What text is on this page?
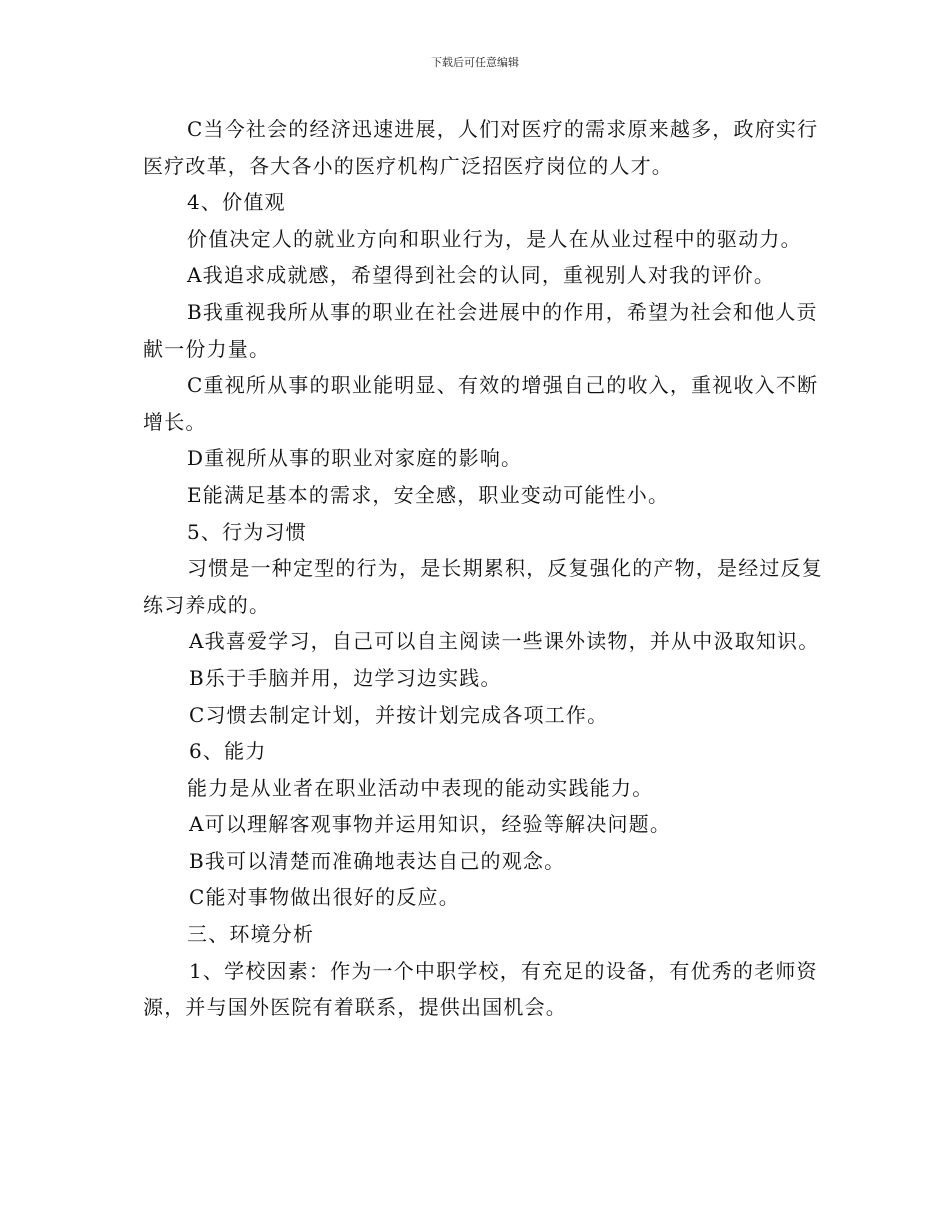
下载后可任意编辑

C当今社会的经济迅速进展，人们对医疗的需求原来越多，政府实行医疗改革，各大各小的医疗机构广泛招医疗岗位的人才。

4、价值观

价值决定人的就业方向和职业行为，是人在从业过程中的驱动力。

A我追求成就感，希望得到社会的认同，重视别人对我的评价。

B我重视我所从事的职业在社会进展中的作用，希望为社会和他人贡献一份力量。

C重视所从事的职业能明显、有效的增强自己的收入，重视收入不断增长。

D重视所从事的职业对家庭的影响。

E能满足基本的需求，安全感，职业变动可能性小。

5、行为习惯

习惯是一种定型的行为，是长期累积，反复强化的产物，是经过反复练习养成的。

A我喜爱学习，自己可以自主阅读一些课外读物，并从中汲取知识。

B乐于手脑并用，边学习边实践。

C习惯去制定计划，并按计划完成各项工作。

6、能力

能力是从业者在职业活动中表现的能动实践能力。

A可以理解客观事物并运用知识，经验等解决问题。

B我可以清楚而准确地表达自己的观念。

C能对事物做出很好的反应。

三、环境分析

1、学校因素：作为一个中职学校，有充足的设备，有优秀的老师资源，并与国外医院有着联系，提供出国机会。
